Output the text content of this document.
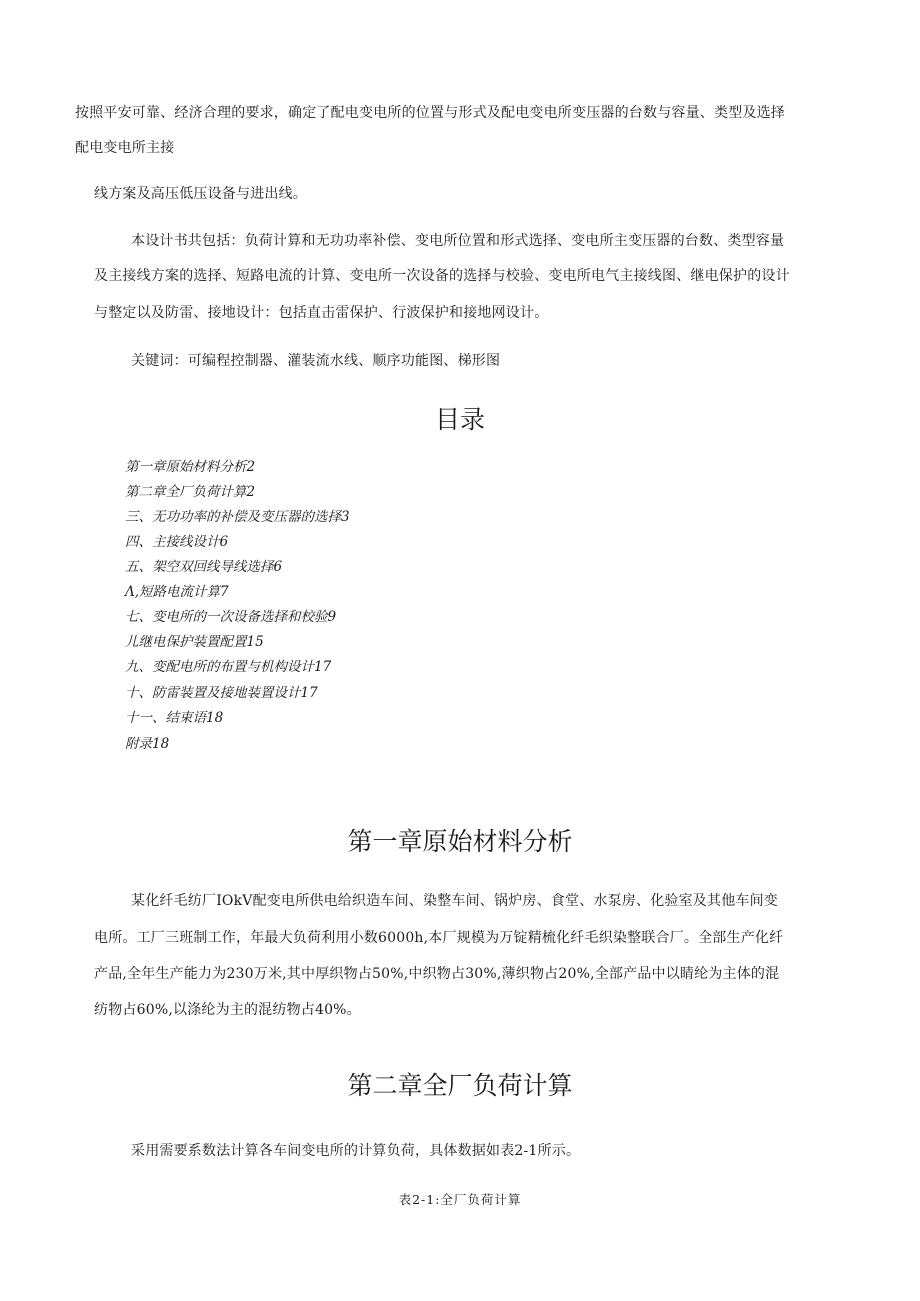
按照平安可靠、经济合理的要求，确定了配电变电所的位置与形式及配电变电所变压器的台数与容量、类型及选择
配电变电所主接
线方案及高压低压设备与进出线。
本设计书共包括：负荷计算和无功功率补偿、变电所位置和形式选择、变电所主变压器的台数、类型容量
及主接线方案的选择、短路电流的计算、变电所一次设备的选择与校验、变电所电气主接线图、继电保护的设计
与整定以及防雷、接地设计：包括直击雷保护、行波保护和接地网设计。
关键词：可编程控制器、灌装流水线、顺序功能图、梯形图
目录
第一章原始材料分析2
第二章全厂负荷计算2
三、无功功率的补偿及变压器的选择3
四、主接线设计6
五、架空双回线导线选择6
Λ,短路电流计算7
七、变电所的一次设备选择和校验9
儿继电保护装置配置15
九、变配电所的布置与机构设计17
十、防雷装置及接地装置设计17
十一、结束语18
附录18
第一章原始材料分析
某化纤毛纺厂IOkV配变电所供电给织造车间、染整车间、锅炉房、食堂、水泵房、化验室及其他车间变
电所。工厂三班制工作，年最大负荷利用小数6000h,本厂规模为万锭精梳化纤毛织染整联合厂。全部生产化纤
产品,全年生产能力为230万米,其中厚织物占50%,中织物占30%,薄织物占20%,全部产品中以睛纶为主体的混
纺物占60%,以涤纶为主的混纺物占40%。
第二章全厂负荷计算
采用需要系数法计算各车间变电所的计算负荷，具体数据如表2-1所示。
表2-1:全厂负荷计算
